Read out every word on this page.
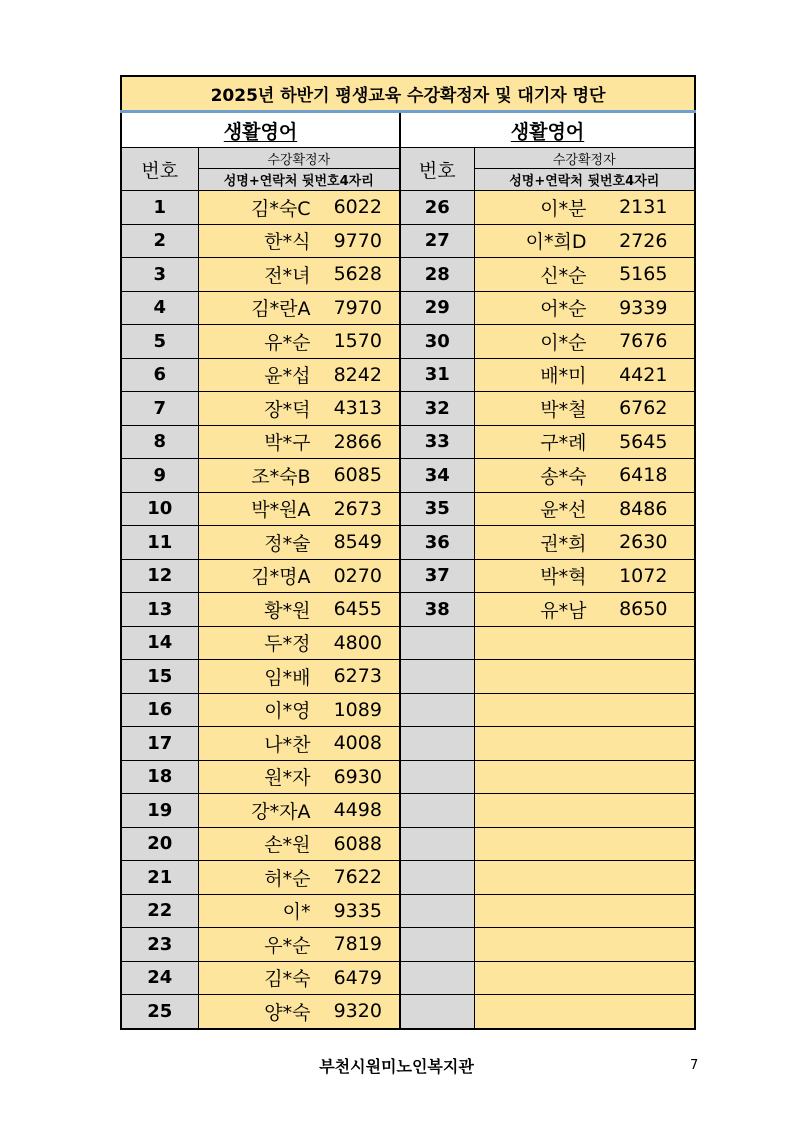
2025년 하반기 평생교육 수강확정자 및 대기자 명단			
생활영어		생활영어	
번호	수강확정자	번호	수강확정자
	성명+연락처 뒷번호4자리		성명+연락처 뒷번호4자리
1	김*숙C 6022	26	이*분 2131

2	한*식 9770	27	이*희D 2726

3	전*녀 5628	28	신*순 5165

4	김*란A 7970	29	어*순 9339

5	유*순 1570	30	이*순 7676

6	윤*섭 8242	31	배*미 4421

7	장*덕 4313	32	박*철 6762

8	박*구 2866	33	구*례 5645

9	조*숙B 6085	34	송*숙 6418

10	박*원A 2673	35	윤*선 8486

11	정*술 8549	36	권*희 2630

12	김*명A 0270	37	박*혁 1072

13	황*원 6455	38	유*남 8650

14	두*정 4800		

15	임*배 6273		

16	이*영 1089		

17	나*찬 4008		

18	원*자 6930		

19	강*자A 4498		

20	손*원 6088		

21	허*순 7622		

22	이* 9335		

23	우*순 7819		

24	김*숙 6479		

25	양*숙 9320		

부천시원미노인복지관	7
